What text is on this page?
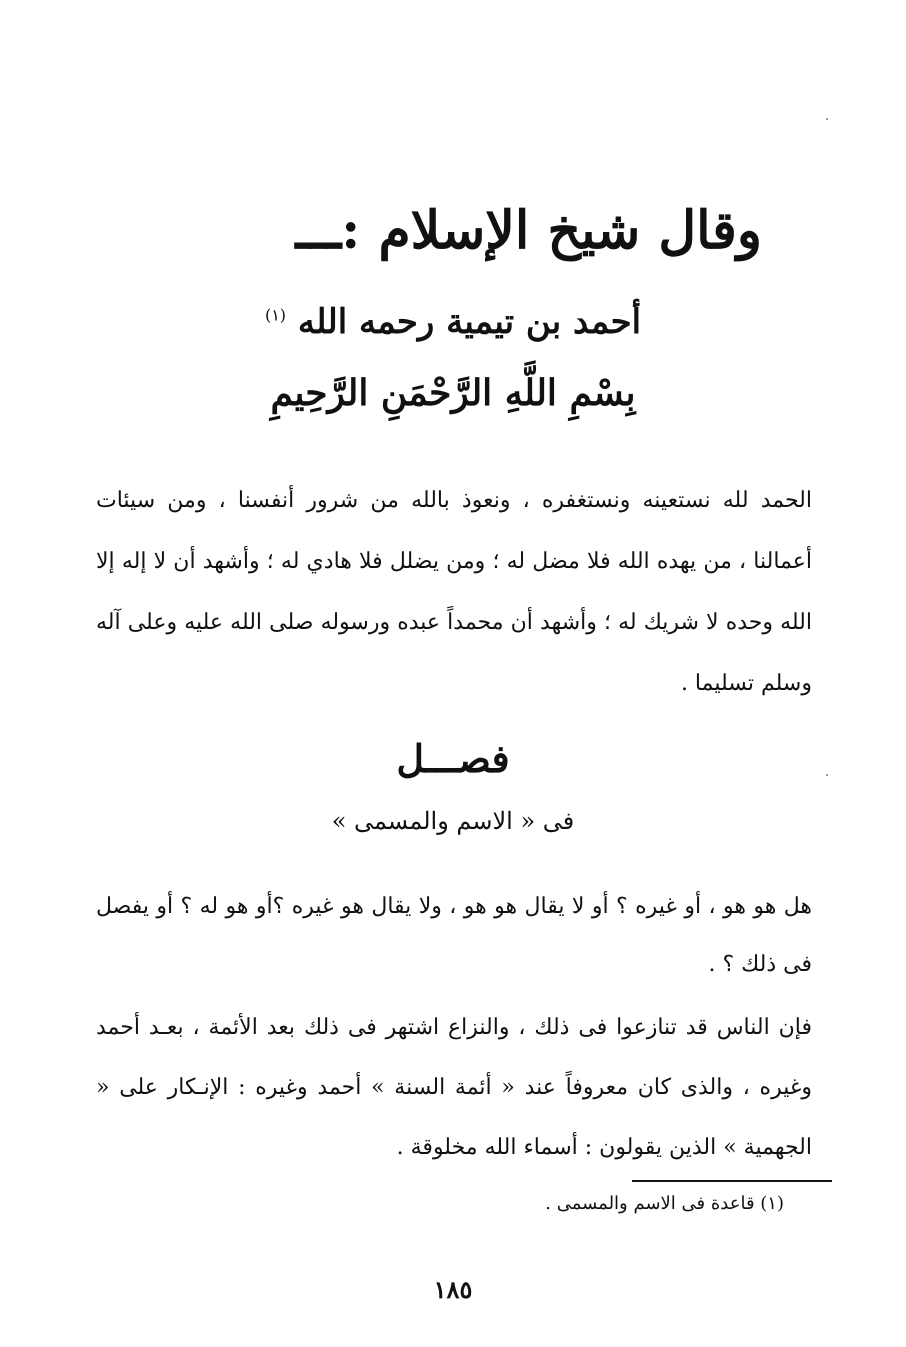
وقال شيخ الإسلام :ـــ
أحمد بن تيمية رحمه الله $^{(١)}$
بِسْمِ اللَّهِ الرَّحْمَنِ الرَّحِيمِ
الحمد لله نستعينه ونستغفره ، ونعوذ بالله من شرور أنفسنا ، ومن سيئات أعمالنا ، من يهده الله فلا مضل له ؛ ومن يضلل فلا هادي له ؛ وأشهد أن لا إله إلا الله وحده لا شريك له ؛ وأشهد أن محمداً عبده ورسوله صلى الله عليه وعلى آله وسلم تسليما .
فصـــل
فى « الاسم والمسمى »
هل هو هو ، أو غيره ؟ أو لا يقال هو هو ، ولا يقال هو غيره ؟أو هو له ؟ أو يفصل فى ذلك ؟ .
فإن الناس قد تنازعوا فى ذلك ، والنزاع اشتهر فى ذلك بعد الأئمة ، بعـد أحمد وغيره ، والذى كان معروفاً عند « أئمة السنة » أحمد وغيره : الإنـكار على « الجهمية » الذين يقولون : أسماء الله مخلوقة .
(١) قاعدة فى الاسم والمسمى .
١٨٥
